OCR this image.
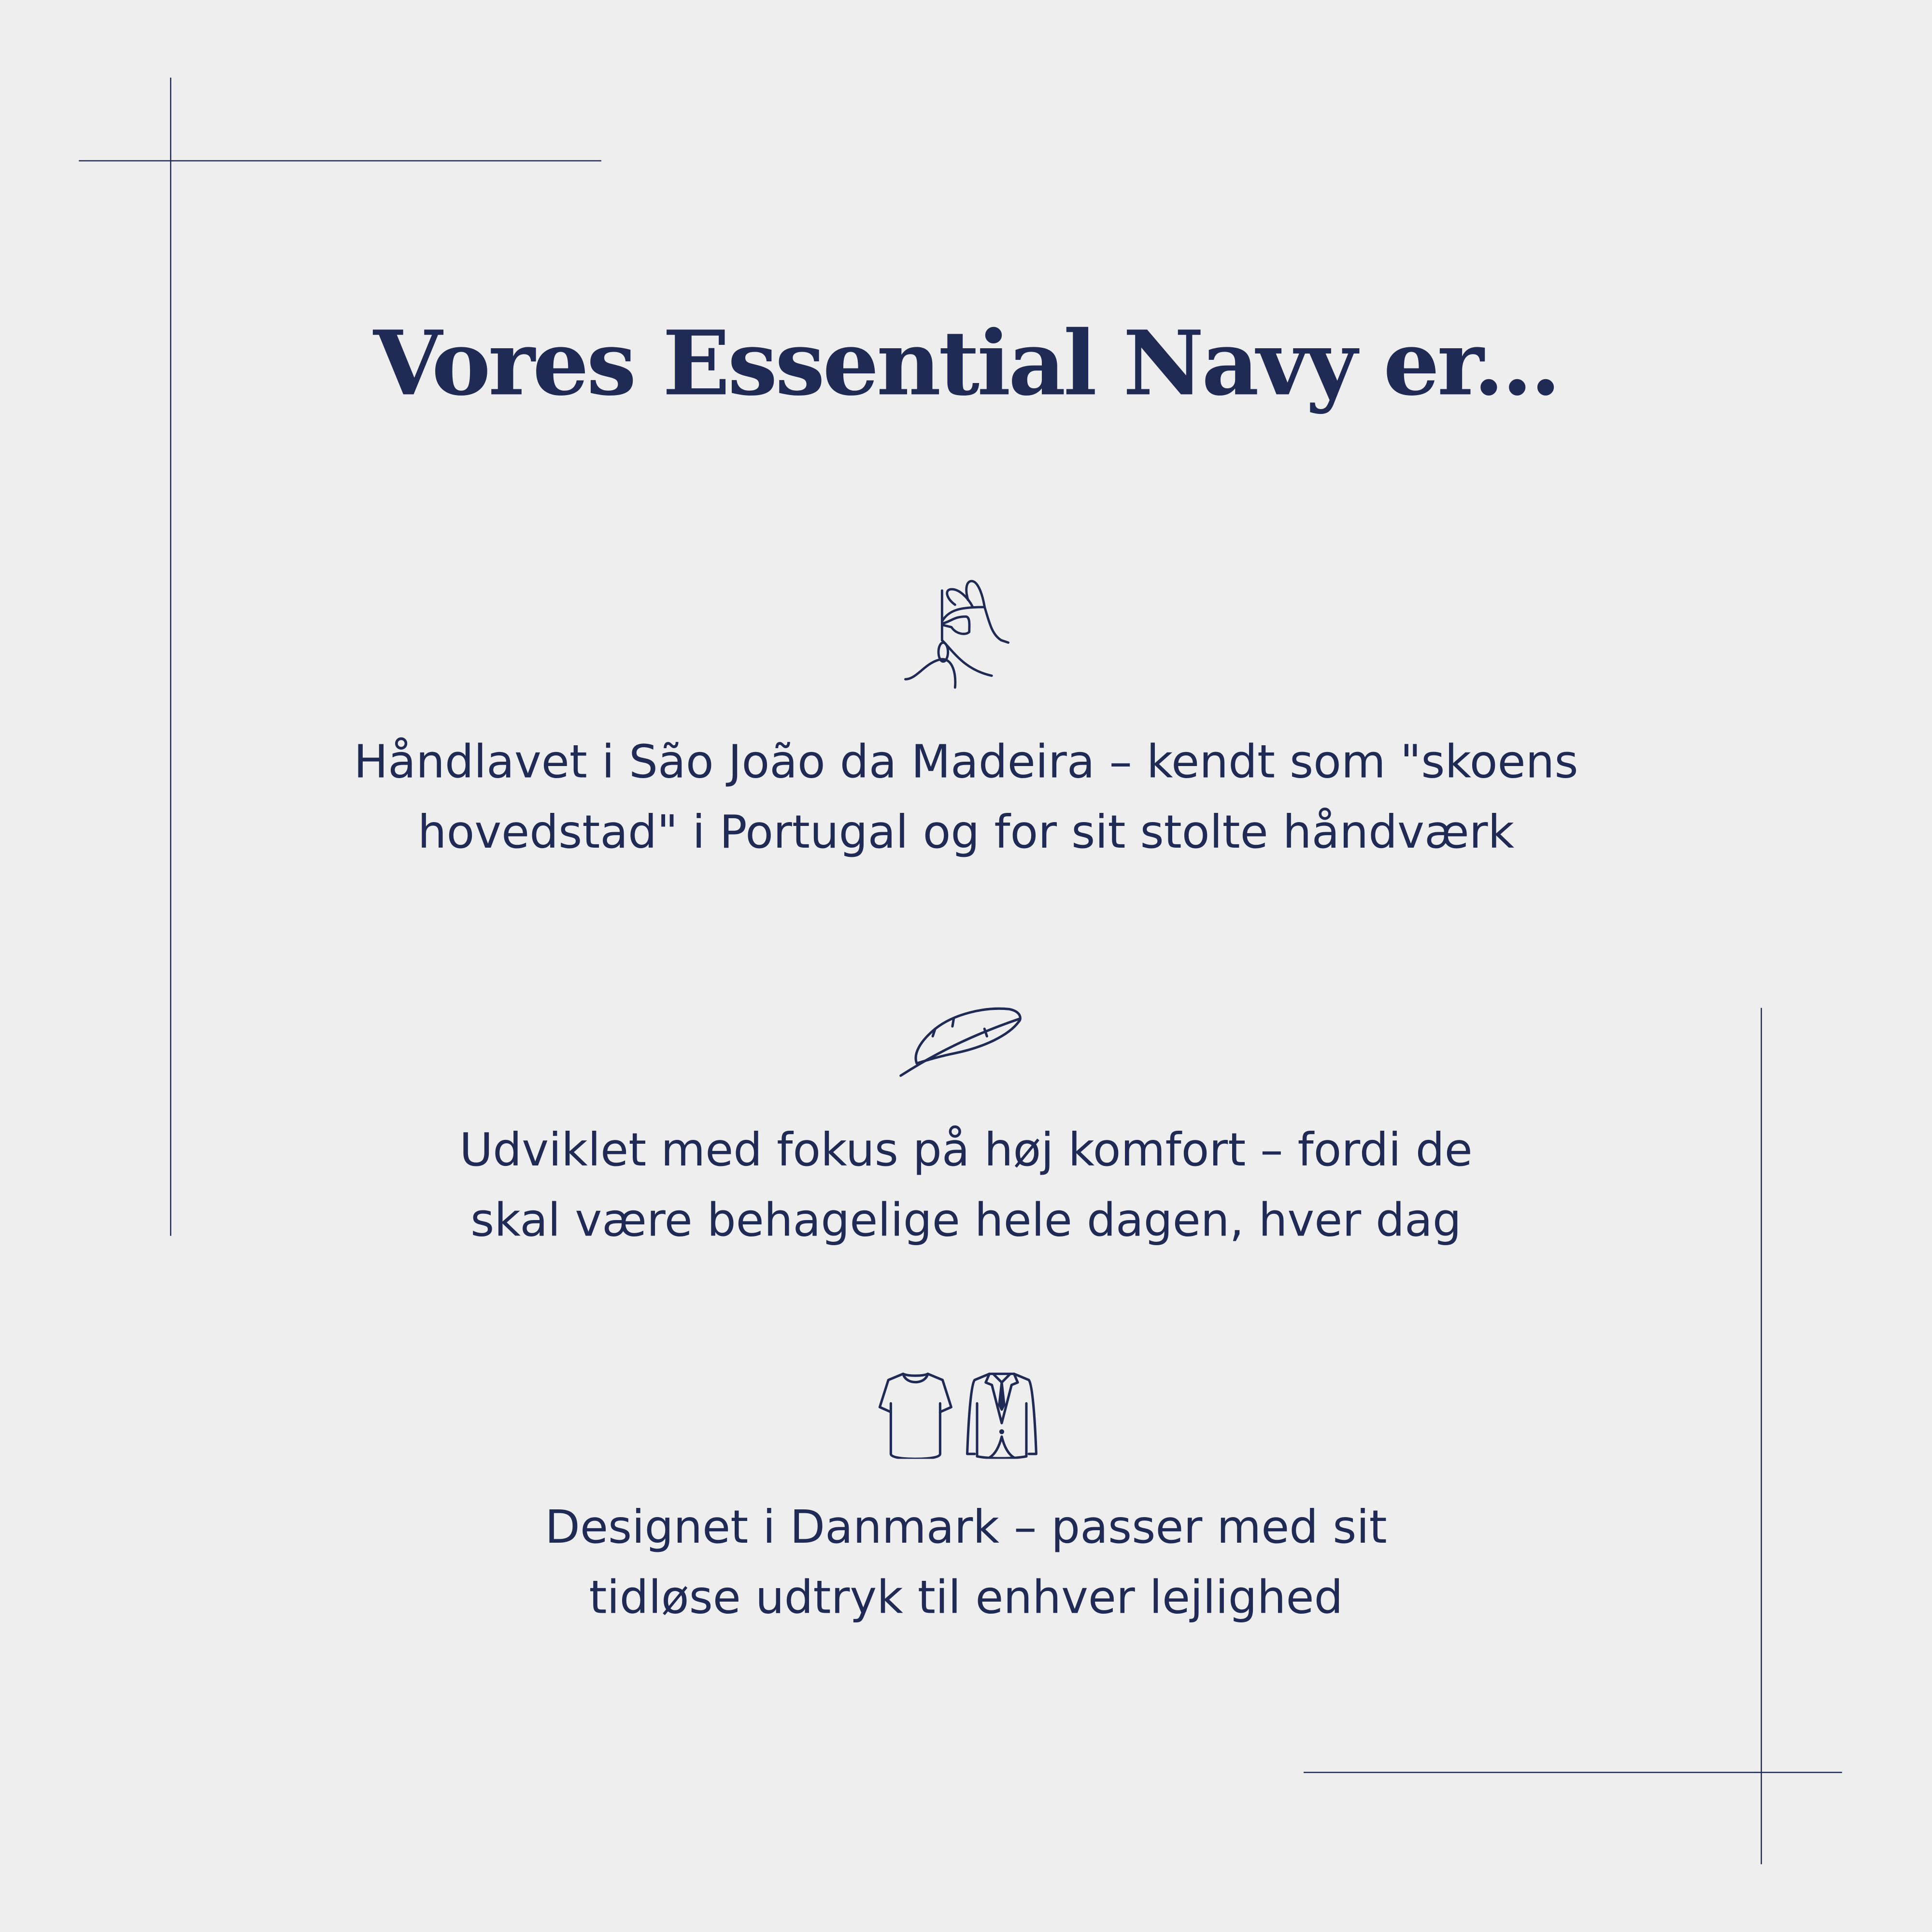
Vores Essential Navy er...
Håndlavet i São João da Madeira – kendt som "skoens
hovedstad" i Portugal og for sit stolte håndværk
Udviklet med fokus på høj komfort – fordi de
skal være behagelige hele dagen, hver dag
Designet i Danmark – passer med sit
tidløse udtryk til enhver lejlighed
